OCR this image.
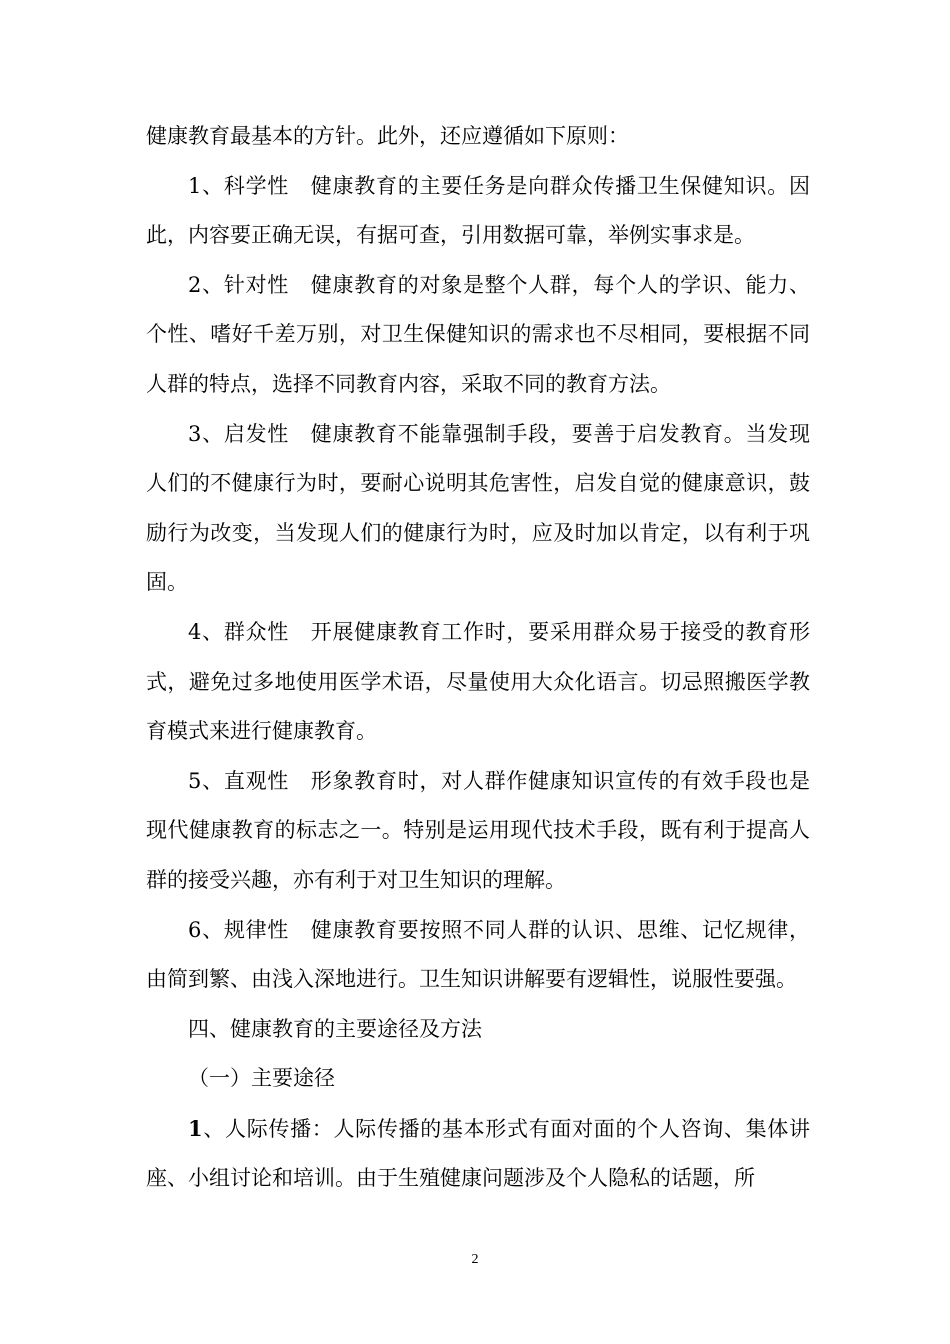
健康教育最基本的方针。此外，还应遵循如下原则：

1、科学性 健康教育的主要任务是向群众传播卫生保健知识。因此，内容要正确无误，有据可查，引用数据可靠，举例实事求是。

2、针对性 健康教育的对象是整个人群，每个人的学识、能力、个性、嗜好千差万别，对卫生保健知识的需求也不尽相同，要根据不同人群的特点，选择不同教育内容，采取不同的教育方法。

3、启发性 健康教育不能靠强制手段，要善于启发教育。当发现人们的不健康行为时，要耐心说明其危害性，启发自觉的健康意识，鼓励行为改变，当发现人们的健康行为时，应及时加以肯定，以有利于巩固。

4、群众性 开展健康教育工作时，要采用群众易于接受的教育形式，避免过多地使用医学术语，尽量使用大众化语言。切忌照搬医学教育模式来进行健康教育。

5、直观性 形象教育时，对人群作健康知识宣传的有效手段也是现代健康教育的标志之一。特别是运用现代技术手段，既有利于提高人群的接受兴趣，亦有利于对卫生知识的理解。

6、规律性 健康教育要按照不同人群的认识、思维、记忆规律，由简到繁、由浅入深地进行。卫生知识讲解要有逻辑性，说服性要强。

四、健康教育的主要途径及方法

（一）主要途径

1、人际传播：人际传播的基本形式有面对面的个人咨询、集体讲座、小组讨论和培训。由于生殖健康问题涉及个人隐私的话题，所

2
